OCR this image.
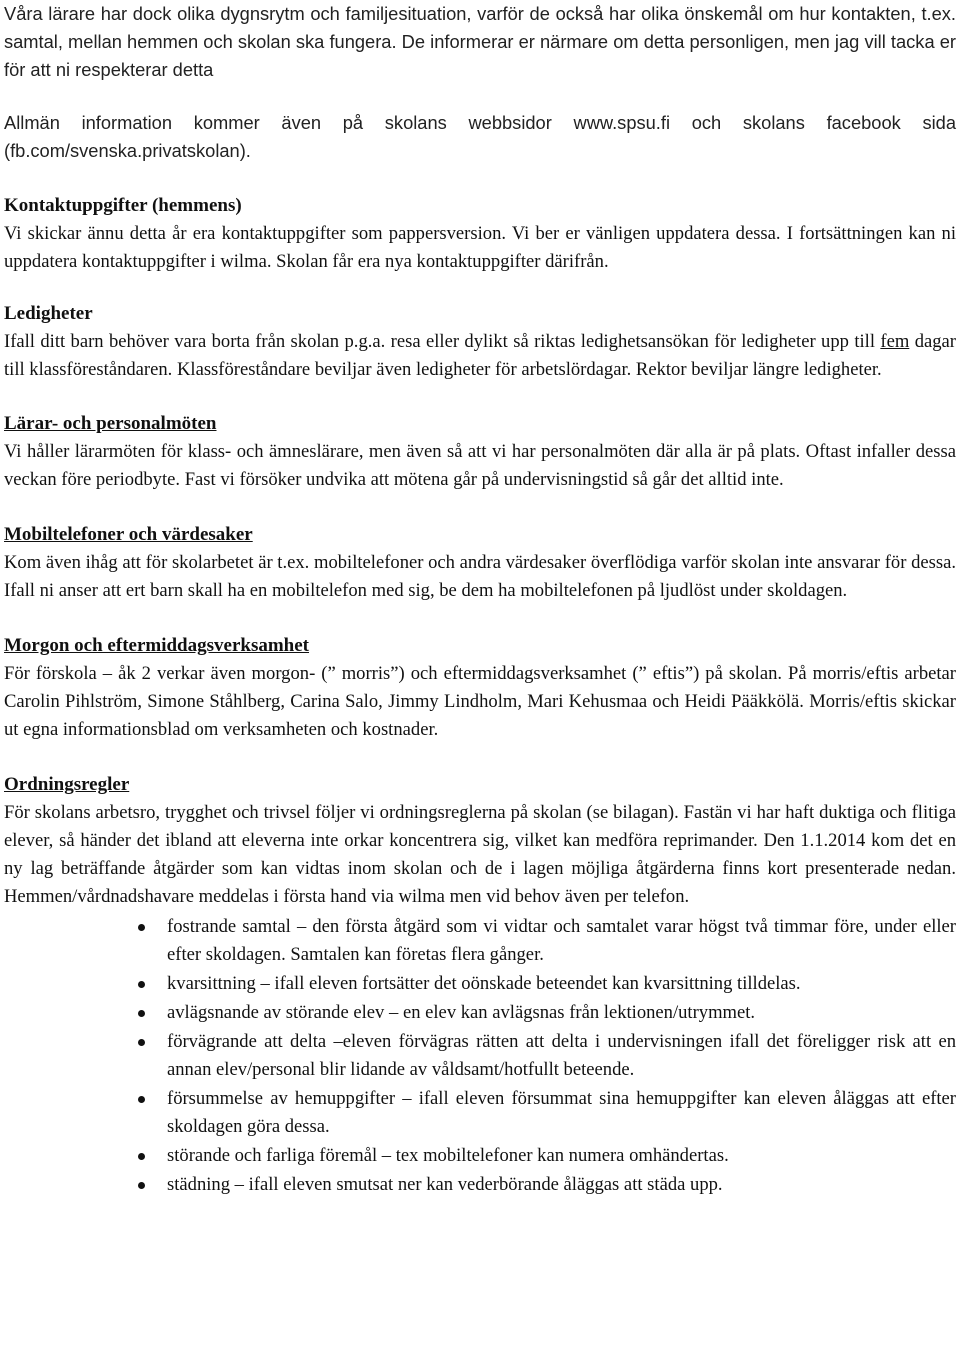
Våra lärare har dock olika dygnsrytm och familjesituation, varför de också har olika önskemål om hur kontakten, t.ex. samtal, mellan hemmen och skolan ska fungera. De informerar er närmare om detta personligen, men jag vill tacka er för att ni respekterar detta

Allmän information kommer även på skolans webbsidor www.spsu.fi och skolans facebook sida (fb.com/svenska.privatskolan).

Kontaktuppgifter (hemmens)

Vi skickar ännu detta år era kontaktuppgifter som pappersversion. Vi ber er vänligen uppdatera dessa. I fortsättningen kan ni uppdatera kontaktuppgifter i wilma. Skolan får era nya kontaktuppgifter därifrån.

Ledigheter

Ifall ditt barn behöver vara borta från skolan p.g.a. resa eller dylikt så riktas ledighetsansökan för ledigheter upp till fem dagar till klassföreståndaren. Klassföreståndare beviljar även ledigheter för arbetslördagar. Rektor beviljar längre ledigheter.

Lärar- och personalmöten

Vi håller lärarmöten för klass- och ämneslärare, men även så att vi har personalmöten där alla är på plats. Oftast infaller dessa veckan före periodbyte. Fast vi försöker undvika att mötena går på undervisningstid så går det alltid inte.

Mobiltelefoner och värdesaker

Kom även ihåg att för skolarbetet är t.ex. mobiltelefoner och andra värdesaker överflödiga varför skolan inte ansvarar för dessa. Ifall ni anser att ert barn skall ha en mobiltelefon med sig, be dem ha mobiltelefonen på ljudlöst under skoldagen.

Morgon och eftermiddagsverksamhet

För förskola – åk 2 verkar även morgon- (” morris”) och eftermiddagsverksamhet (” eftis”) på skolan. På morris/eftis arbetar Carolin Pihlström, Simone Ståhlberg, Carina Salo, Jimmy Lindholm, Mari Kehusmaa och Heidi Pääkkölä. Morris/eftis skickar ut egna informationsblad om verksamheten och kostnader.

Ordningsregler

För skolans arbetsro, trygghet och trivsel följer vi ordningsreglerna på skolan (se bilagan). Fastän vi har haft duktiga och flitiga elever, så händer det ibland att eleverna inte orkar koncentrera sig, vilket kan medföra reprimander. Den 1.1.2014 kom det en ny lag beträffande åtgärder som kan vidtas inom skolan och de i lagen möjliga åtgärderna finns kort presenterade nedan. Hemmen/vårdnadshavare meddelas i första hand via wilma men vid behov även per telefon.

fostrande samtal – den första åtgärd som vi vidtar och samtalet varar högst två timmar före, under eller efter skoldagen. Samtalen kan företas flera gånger.
kvarsittning – ifall eleven fortsätter det oönskade beteendet kan kvarsittning tilldelas.
avlägsnande av störande elev – en elev kan avlägsnas från lektionen/utrymmet.
förvägrande att delta –eleven förvägras rätten att delta i undervisningen ifall det föreligger risk att en annan elev/personal blir lidande av våldsamt/hotfullt beteende.
försummelse av hemuppgifter – ifall eleven försummat sina hemuppgifter kan eleven åläggas att efter skoldagen göra dessa.
störande och farliga föremål – tex mobiltelefoner kan numera omhändertas.
städning – ifall eleven smutsat ner kan vederbörande åläggas att städa upp.
